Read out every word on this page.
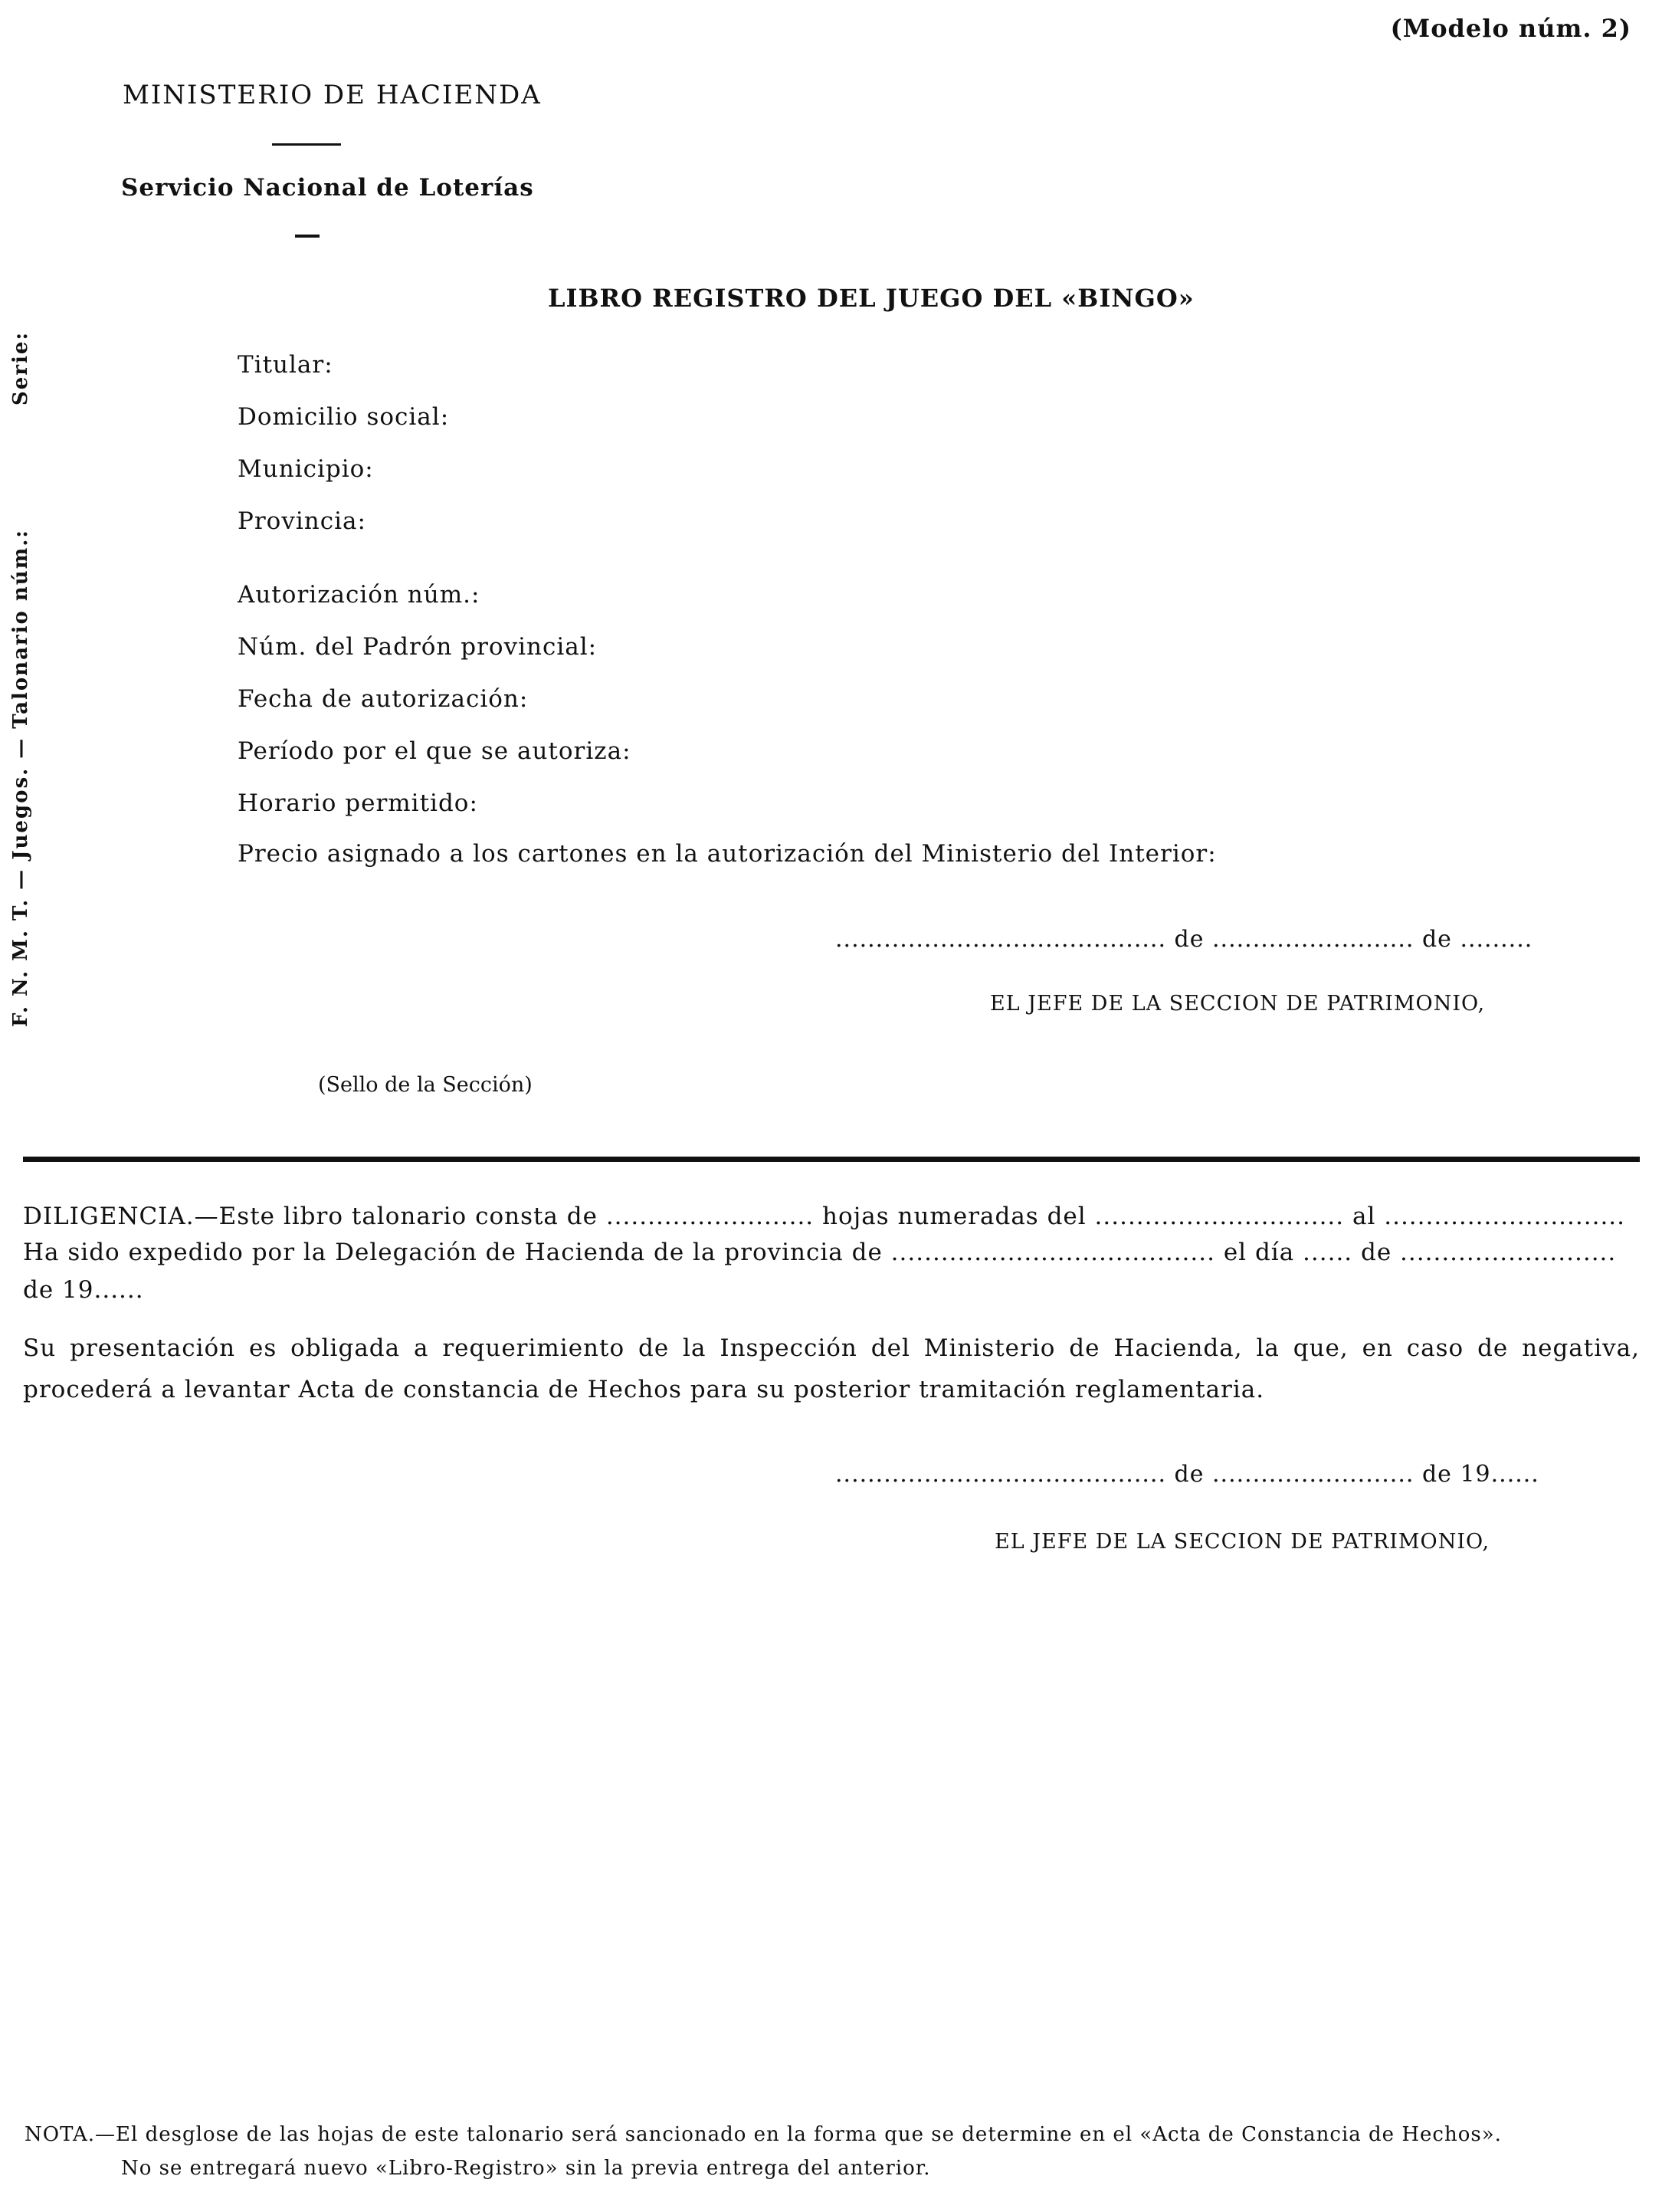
(Modelo núm. 2)
MINISTERIO DE HACIENDA
Servicio Nacional de Loterías
LIBRO REGISTRO DEL JUEGO DEL «BINGO»
F. N. M. T. — Juegos. — Talonario núm.: Serie:	Titular:
Domicilio social:
Municipio:
Provincia:
Autorización núm.:
Núm. del Padrón provincial:
Fecha de autorización:
Período por el que se autoriza:
Horario permitido:
Precio asignado a los cartones en la autorización del Ministerio del Interior:
......................................... de ......................... de .........
EL JEFE DE LA SECCION DE PATRIMONIO,
(Sello de la Sección)
DILIGENCIA.—Este libro talonario consta de ......................... hojas numeradas del .............................. al .............................
Ha sido expedido por la Delegación de Hacienda de la provincia de ....................................... el día ...... de ..........................
de 19......
Su presentación es obligada a requerimiento de la Inspección del Ministerio de Hacienda, la que, en caso de negativa, procederá a levantar Acta de constancia de Hechos para su posterior tramitación reglamentaria.
......................................... de ......................... de 19......
EL JEFE DE LA SECCION DE PATRIMONIO,
NOTA.—El desglose de las hojas de este talonario será sancionado en la forma que se determine en el «Acta de Constancia de Hechos».
No se entregará nuevo «Libro-Registro» sin la previa entrega del anterior.
